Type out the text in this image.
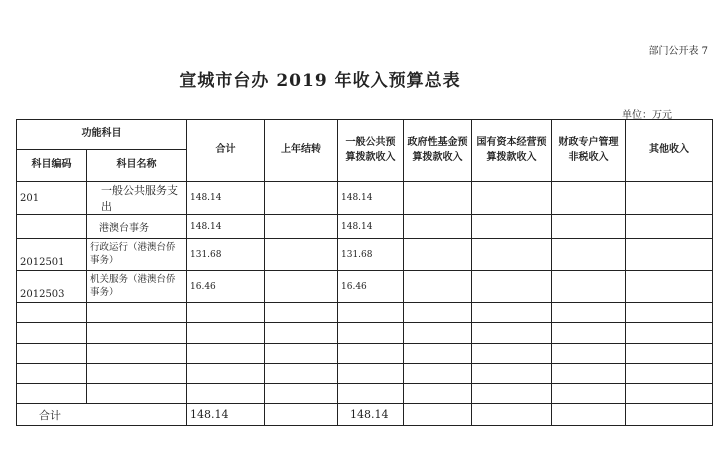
部门公开表 7
宣城市台办 2019 年收入预算总表
单位：万元
功能科目		合计	上年结转	一般公共预算拨款收入	政府性基金预算拨款收入	国有资本经营预算拨款收入	财政专户管理非税收入	其他收入
科目编码	科目名称							
201	一般公共服务支出	148.14		148.14				
	港澳台事务	148.14		148.14				
2012501	行政运行（港澳台侨事务）	131.68		131.68				
2012503	机关服务（港澳台侨事务）	16.46		16.46				

合计		148.14		148.14				
